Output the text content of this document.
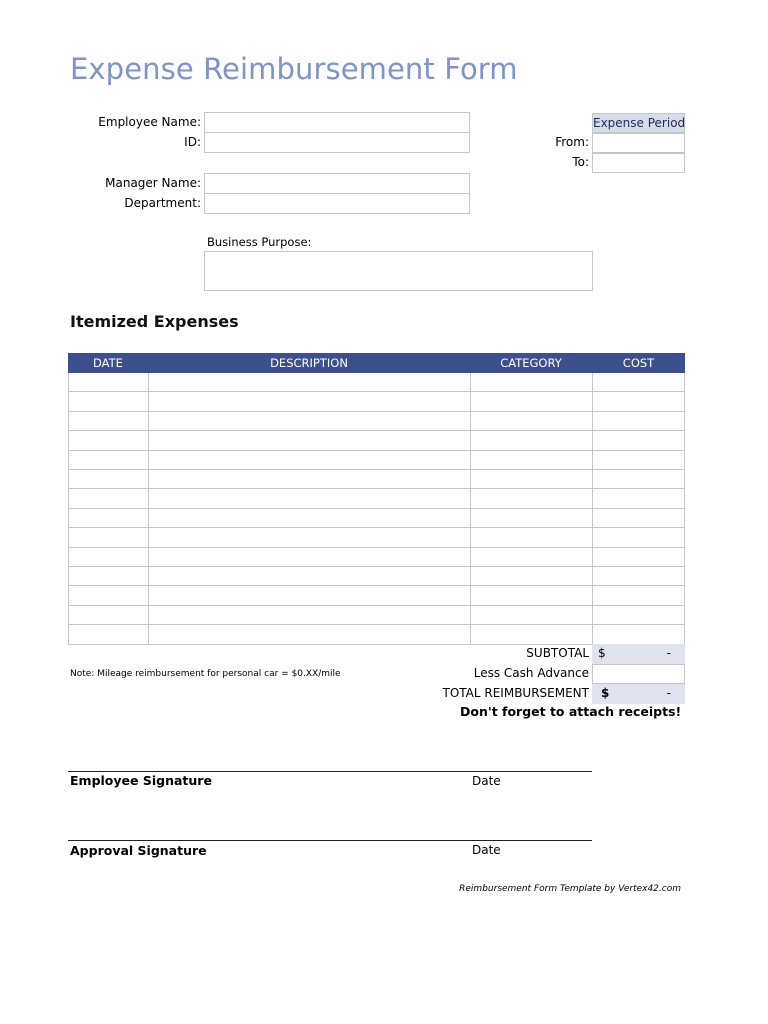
Expense Reimbursement Form
Employee Name:
ID:
Manager Name:
Department:
Expense Period
From:
To:
Business Purpose:
Itemized Expenses
DATE	DESCRIPTION	CATEGORY	COST
SUBTOTAL $	-
Less Cash Advance
TOTAL REIMBURSEMENT $	-
Note: Mileage reimbursement for personal car = $0.XX/mile
Don't forget to attach receipts!
Employee Signature	Date
Approval Signature	Date
Reimbursement Form Template by Vertex42.com
